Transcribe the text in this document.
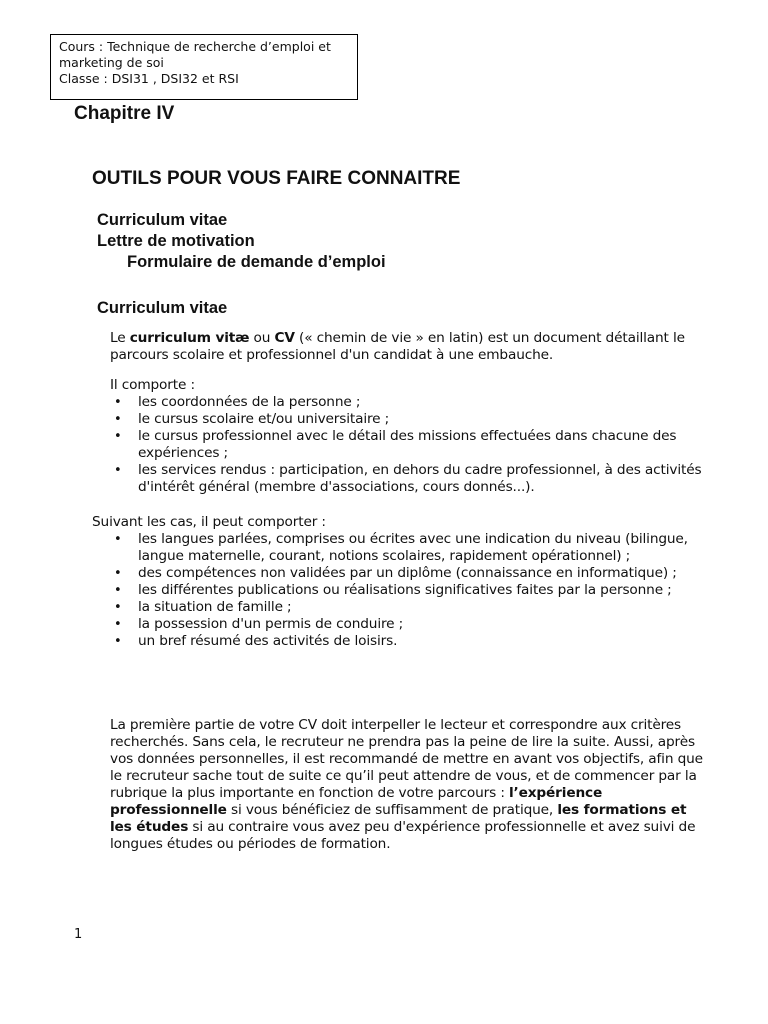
Cours : Technique de recherche d’emploi et
marketing de soi
Classe : DSI31 , DSI32 et RSI
Chapitre IV
OUTILS POUR VOUS FAIRE CONNAITRE
Curriculum vitae
Lettre de motivation
Formulaire de demande d’emploi
Curriculum vitae

Le curriculum vitæ ou CV (« chemin de vie » en latin) est un document détaillant le parcours scolaire et professionnel d'un candidat à une embauche.

Il comporte :

• les coordonnées de la personne ;
• le cursus scolaire et/ou universitaire ;
• le cursus professionnel avec le détail des missions effectuées dans chacune des expériences ;
• les services rendus : participation, en dehors du cadre professionnel, à des activités d'intérêt général (membre d'associations, cours donnés...).

Suivant les cas, il peut comporter :

• les langues parlées, comprises ou écrites avec une indication du niveau (bilingue, langue maternelle, courant, notions scolaires, rapidement opérationnel) ;
• des compétences non validées par un diplôme (connaissance en informatique) ;
• les différentes publications ou réalisations significatives faites par la personne ;
• la situation de famille ;
• la possession d'un permis de conduire ;
• un bref résumé des activités de loisirs.

La première partie de votre CV doit interpeller le lecteur et correspondre aux critères recherchés. Sans cela, le recruteur ne prendra pas la peine de lire la suite. Aussi, après vos données personnelles, il est recommandé de mettre en avant vos objectifs, afin que le recruteur sache tout de suite ce qu’il peut attendre de vous, et de commencer par la rubrique la plus importante en fonction de votre parcours : l’expérience professionnelle si vous bénéficiez de suffisamment de pratique, les formations et les études si au contraire vous avez peu d'expérience professionnelle et avez suivi de longues études ou périodes de formation.

1
